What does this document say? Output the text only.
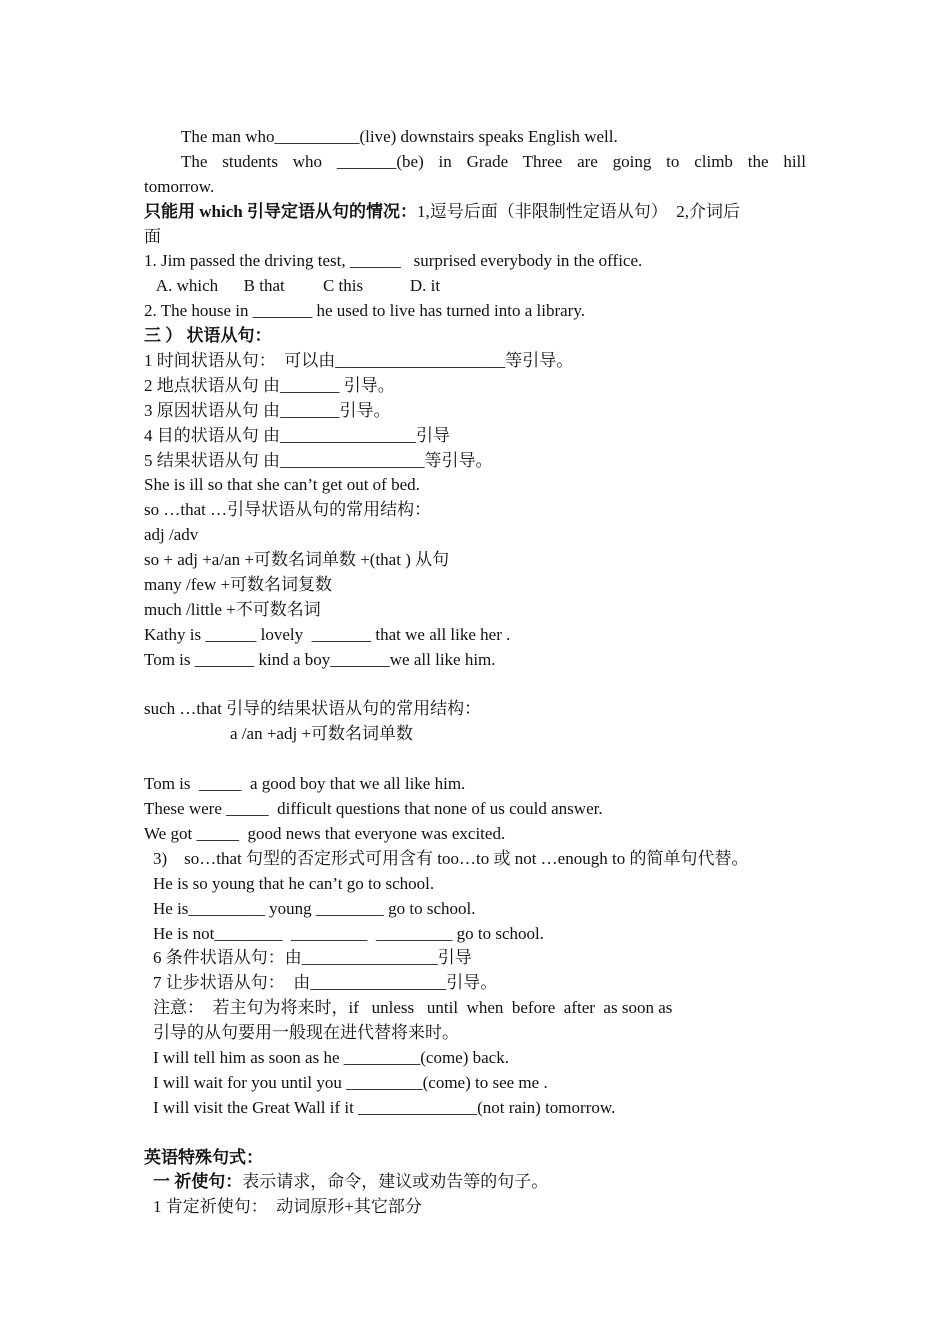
The man who__________(live) downstairs speaks English well.
The students who _______(be) in Grade Three are going to climb the hill
tomorrow.
只能用 which 引导定语从句的情况：1,逗号后面（非限制性定语从句）  2,介词后
面
1. Jim passed the driving test, ______   surprised everybody in the office.
A. which      B that         C this           D. it
2. The house in _______ he used to live has turned into a library.
三 ） 状语从句：
1 时间状语从句：  可以由____________________等引导。
2 地点状语从句 由_______ 引导。
3 原因状语从句 由_______引导。
4 目的状语从句 由________________引导
5 结果状语从句 由_________________等引导。
She is ill so that she can’t get out of bed.
so …that …引导状语从句的常用结构：
adj /adv
so + adj +a/an +可数名词单数 +(that ) 从句
many /few +可数名词复数
much /little +不可数名词
Kathy is ______ lovely  _______ that we all like her .
Tom is _______ kind a boy_______we all like him.
such …that 引导的结果状语从句的常用结构：
a /an +adj +可数名词单数
Tom is  _____  a good boy that we all like him.
These were _____  difficult questions that none of us could answer.
We got _____  good news that everyone was excited.
3)    so…that 句型的否定形式可用含有 too…to 或 not …enough to 的简单句代替。
He is so young that he can’t go to school.
He is_________ young ________ go to school.
He is not________  _________  _________ go to school.
6 条件状语从句：由________________引导
7 让步状语从句：  由________________引导。
注意：  若主句为将来时，if   unless   until  when  before  after  as soon as
引导的从句要用一般现在进代替将来时。
I will tell him as soon as he _________(come) back.
I will wait for you until you _________(come) to see me .
I will visit the Great Wall if it ______________(not rain) tomorrow.
英语特殊句式：
一 祈使句：表示请求，命令，建议或劝告等的句子。
1 肯定祈使句：  动词原形+其它部分
